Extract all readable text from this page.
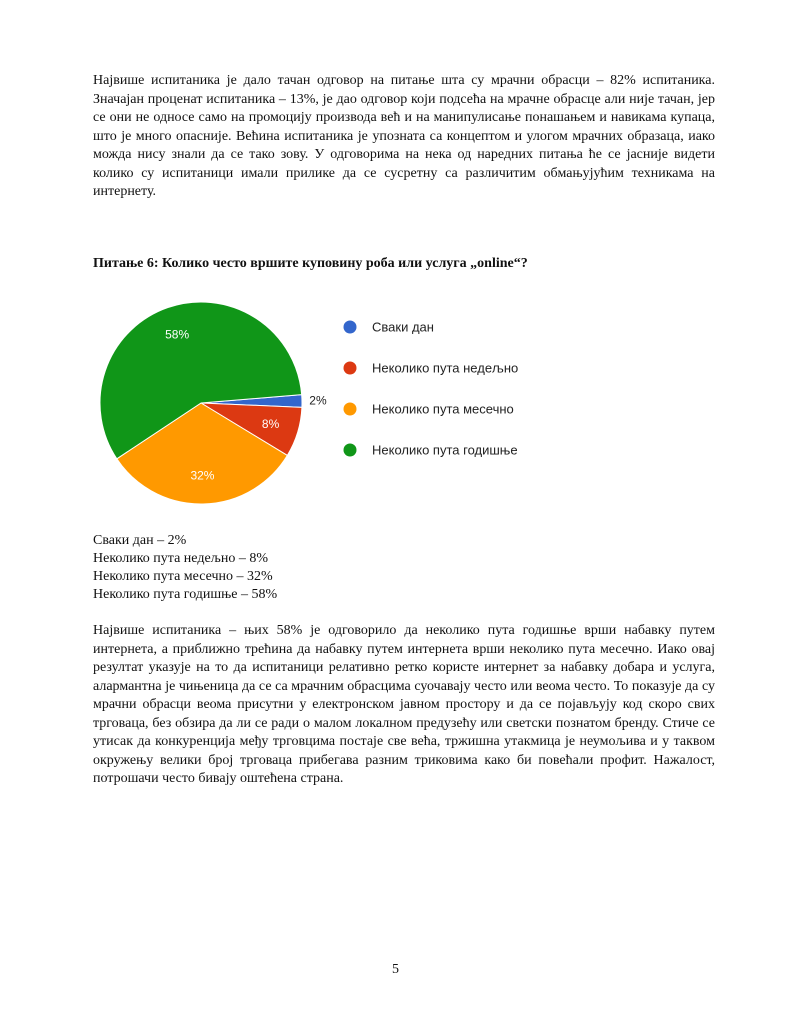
Највише испитаника је дало тачан одговор на питање шта су мрачни обрасци – 82% испитаника. Значајан проценат испитаника – 13%, је дао одговор који подсећа на мрачне обрасце али није тачан, јер се они не односе само на промоцију производа већ и на манипулисање понашањем и навикама купаца, што је много опасније. Већина испитаника је упозната са концептом и улогом мрачних образаца, иако можда нису знали да се тако зову. У одговорима на нека од наредних питања ће се јасније видети колико су испитаници имали прилике да се сусретну са различитим обмањујућим техникама на интернету.

Питање 6: Колико често вршите куповину роба или услуга „online“?

2%
8%
32%
58%	Сваки дан
Неколико пута недељно
Неколико пута месечно
Неколико пута годишње
Сваки дан – 2%
Неколико пута недељно – 8%
Неколико пута месечно – 32%
Неколико пута годишње – 58%

Највише испитаника – њих 58% је одговорило да неколико пута годишње врши набавку путем интернета, а приближно трећина да набавку путем интернета врши неколико пута месечно. Иако овај резултат указује на то да испитаници релативно ретко користе интернет за набавку добара и услуга, алармантна је чињеница да се са мрачним обрасцима суочавају често или веома често. То показује да су мрачни обрасци веома присутни у електронском јавном простору и да се појављују код скоро свих трговаца, без обзира да ли се ради о малом локалном предузећу или светски познатом бренду. Стиче се утисак да конкуренција међу трговцима постаје све већа, тржишна утакмица је неумољива и у таквом окружењу велики број трговаца прибегава разним триковима како би повећали профит. Нажалост, потрошачи често бивају оштећена страна.

5
